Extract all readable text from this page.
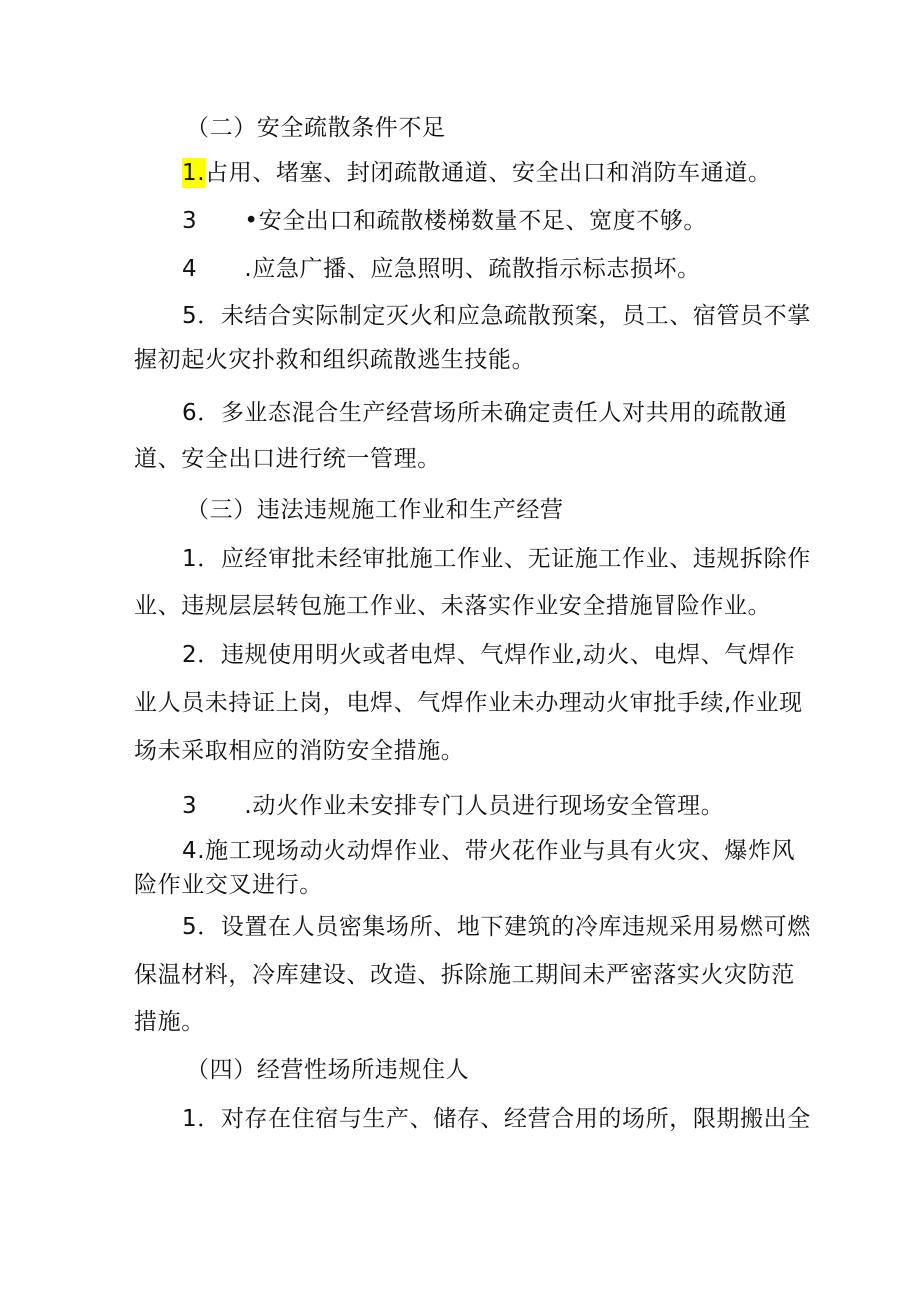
（二）安全疏散条件不足
1.占用、堵塞、封闭疏散通道、安全出口和消防车通道。
3　　•安全出口和疏散楼梯数量不足、宽度不够。
4　　.应急广播、应急照明、疏散指示标志损坏。
5．未结合实际制定灭火和应急疏散预案，员工、宿管员不掌
握初起火灾扑救和组织疏散逃生技能。
6．多业态混合生产经营场所未确定责任人对共用的疏散通
道、安全出口进行统一管理。
（三）违法违规施工作业和生产经营
1．应经审批未经审批施工作业、无证施工作业、违规拆除作
业、违规层层转包施工作业、未落实作业安全措施冒险作业。
2．违规使用明火或者电焊、气焊作业,动火、电焊、气焊作
业人员未持证上岗，电焊、气焊作业未办理动火审批手续,作业现
场未采取相应的消防安全措施。
3　　.动火作业未安排专门人员进行现场安全管理。
4.施工现场动火动焊作业、带火花作业与具有火灾、爆炸风
险作业交叉进行。
5．设置在人员密集场所、地下建筑的冷库违规采用易燃可燃
保温材料，冷库建设、改造、拆除施工期间未严密落实火灾防范
措施。
（四）经营性场所违规住人
1．对存在住宿与生产、储存、经营合用的场所，限期搬出全
